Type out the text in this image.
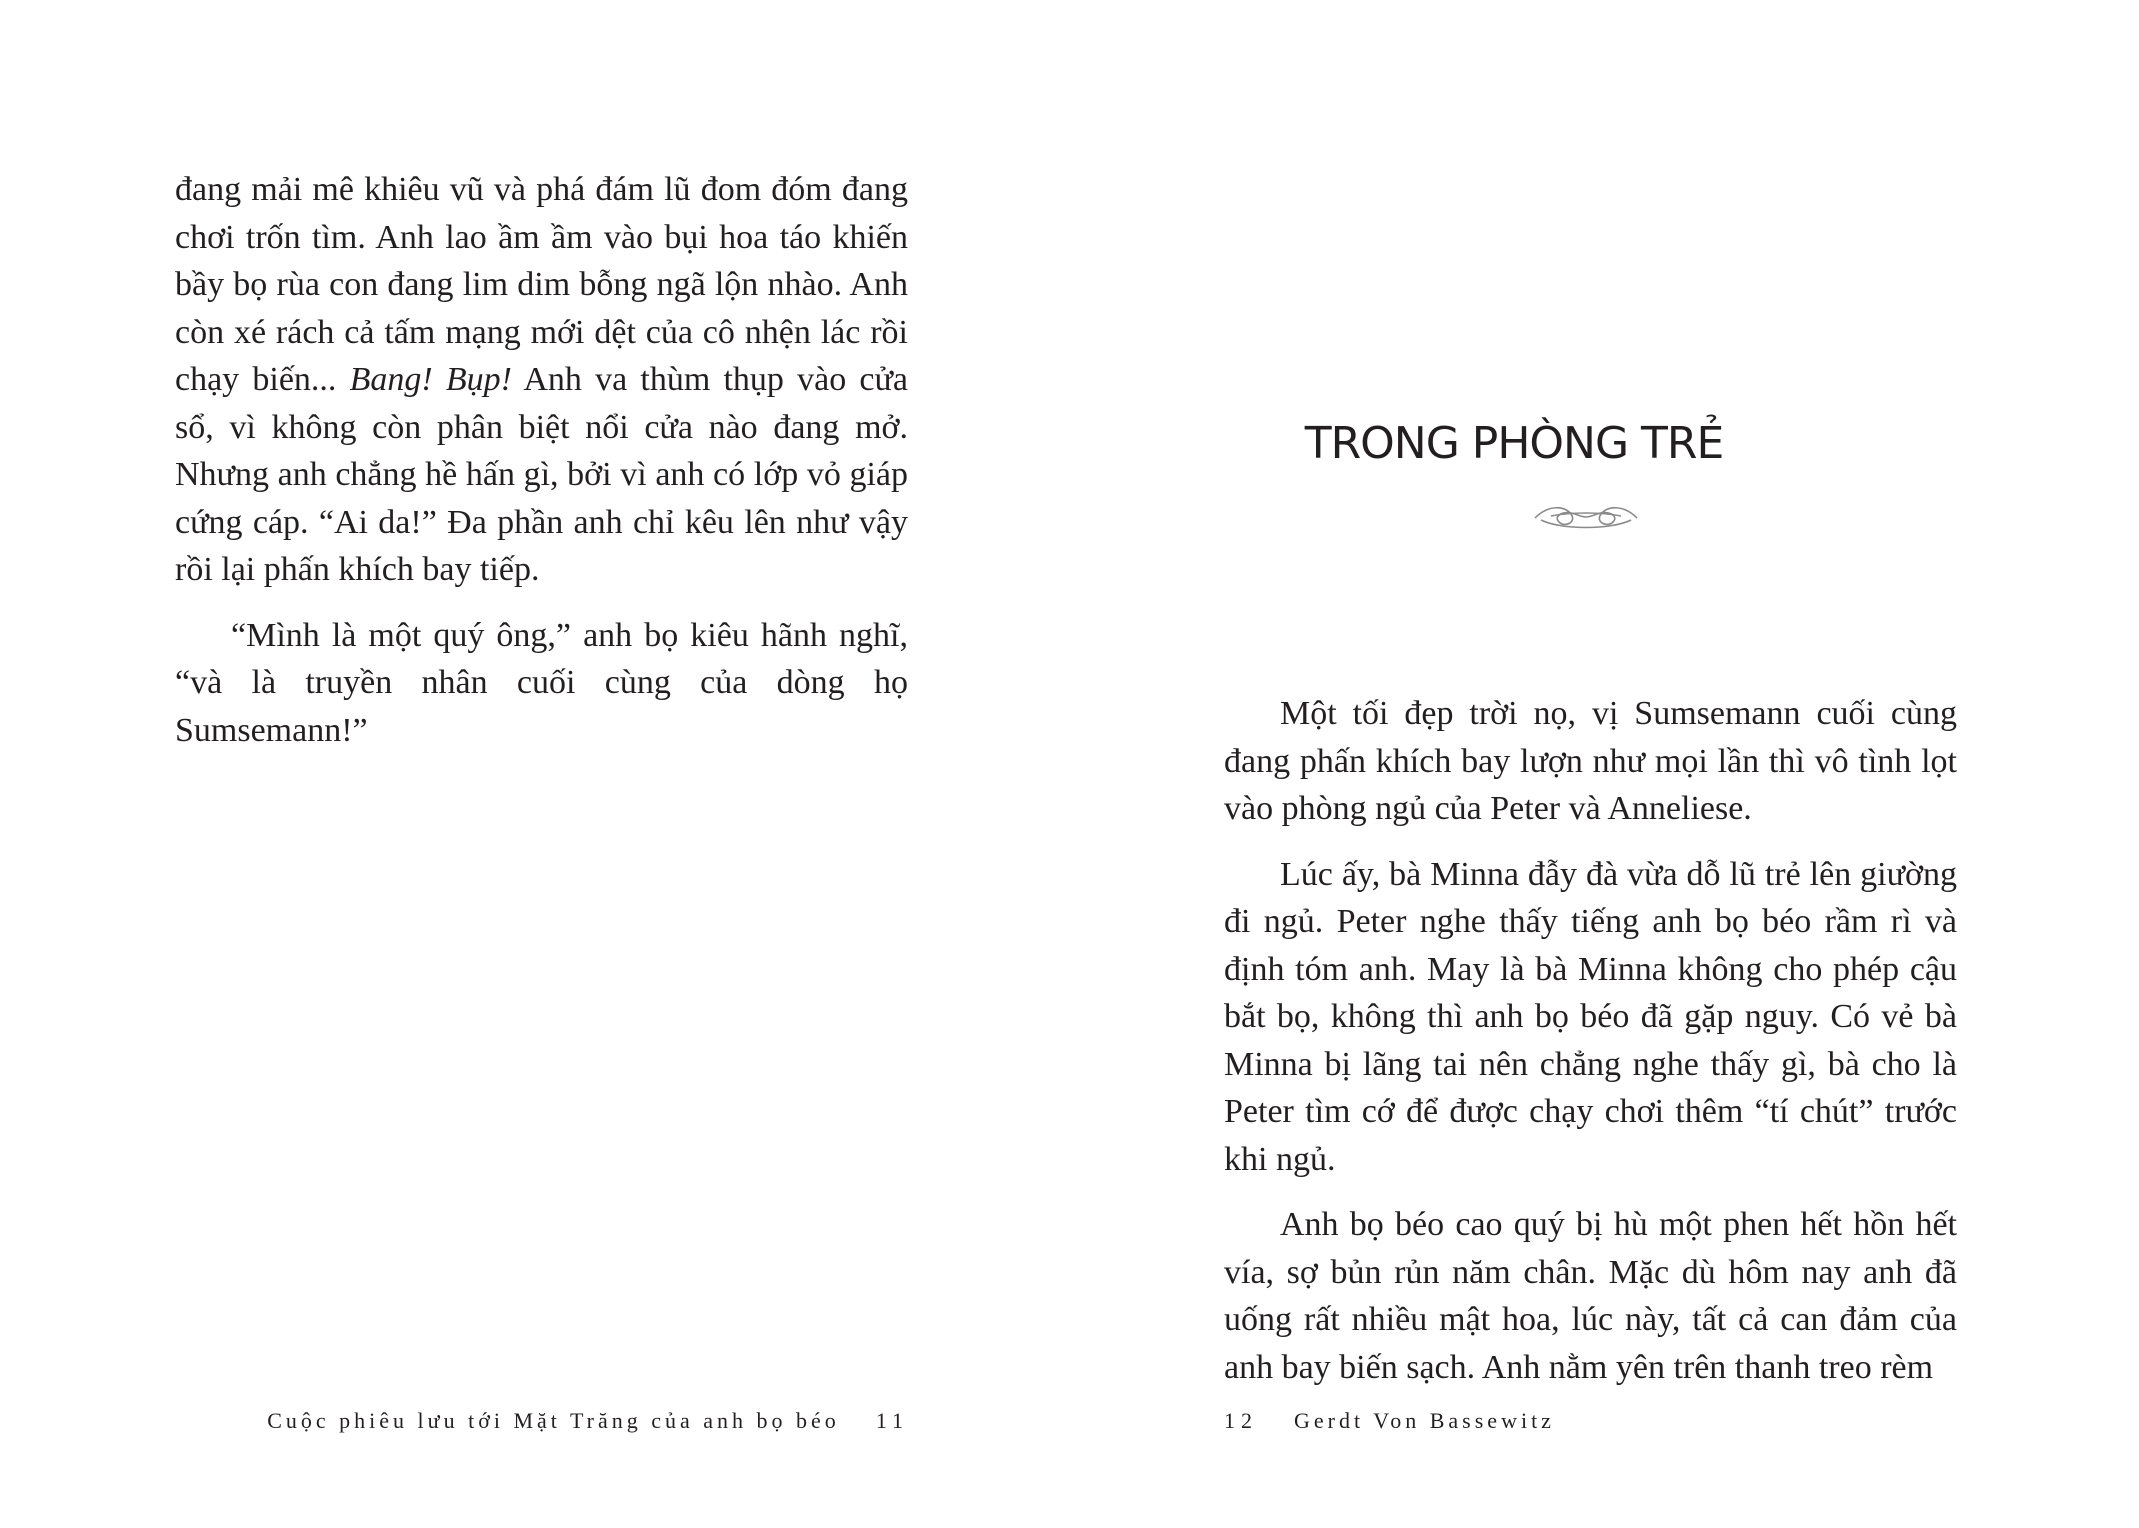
đang mải mê khiêu vũ và phá đám lũ đom đóm đang chơi trốn tìm. Anh lao ầm ầm vào bụi hoa táo khiến bầy bọ rùa con đang lim dim bỗng ngã lộn nhào. Anh còn xé rách cả tấm mạng mới dệt của cô nhện lác rồi chạy biến... Bang! Bụp! Anh va thùm thụp vào cửa sổ, vì không còn phân biệt nổi cửa nào đang mở. Nhưng anh chẳng hề hấn gì, bởi vì anh có lớp vỏ giáp cứng cáp. “Ai da!” Đa phần anh chỉ kêu lên như vậy rồi lại phấn khích bay tiếp.

“Mình là một quý ông,” anh bọ kiêu hãnh nghĩ, “và là truyền nhân cuối cùng của dòng họ Sumsemann!”

Cuộc phiêu lưu tới Mặt Trăng của anh bọ béo 11
TRONG PHÒNG TRẺ

Một tối đẹp trời nọ, vị Sumsemann cuối cùng đang phấn khích bay lượn như mọi lần thì vô tình lọt vào phòng ngủ của Peter và Anneliese.

Lúc ấy, bà Minna đẫy đà vừa dỗ lũ trẻ lên giường đi ngủ. Peter nghe thấy tiếng anh bọ béo rầm rì và định tóm anh. May là bà Minna không cho phép cậu bắt bọ, không thì anh bọ béo đã gặp nguy. Có vẻ bà Minna bị lãng tai nên chẳng nghe thấy gì, bà cho là Peter tìm cớ để được chạy chơi thêm “tí chút” trước khi ngủ.

Anh bọ béo cao quý bị hù một phen hết hồn hết vía, sợ bủn rủn năm chân. Mặc dù hôm nay anh đã uống rất nhiều mật hoa, lúc này, tất cả can đảm của anh bay biến sạch. Anh nằm yên trên thanh treo rèm

12 Gerdt Von Bassewitz
